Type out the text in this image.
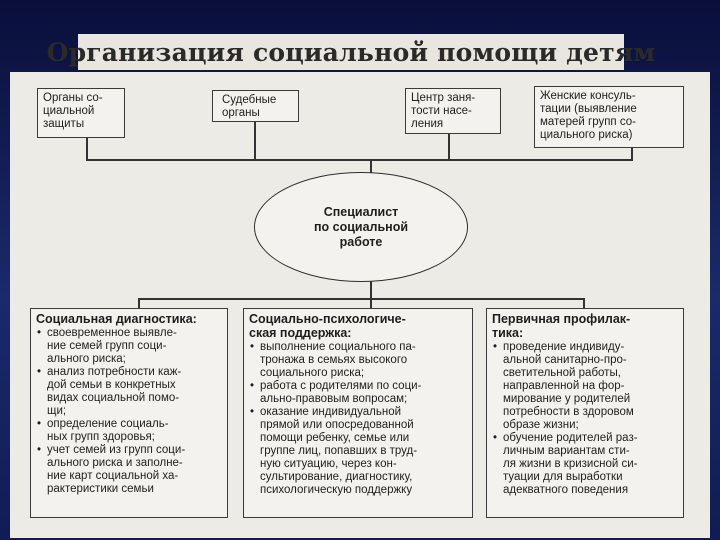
Организация социальной помощи детям
Органы со-
циальной
защиты
Судебные
органы
Центр заня-
тости насе-
ления
Женские консуль-
тации (выявление
матерей групп со-
циального риска)
Специалист
по социальной
работе
Социальная диагностика:
• своевременное выявле-
ние семей групп соци-
ального риска;
• анализ потребности каж-
дой семьи в конкретных
видах социальной помо-
щи;
• определение социаль-
ных групп здоровья;
• учет семей из групп соци-
ального риска и заполне-
ние карт социальной ха-
рактеристики семьи
Социально-психологиче-
ская поддержка:
• выполнение социального па-
тронажа в семьях высокого
социального риска;
• работа с родителями по соци-
ально-правовым вопросам;
• оказание индивидуальной
прямой или опосредованной
помощи ребенку, семье или
группе лиц, попавших в труд-
ную ситуацию, через кон-
сультирование, диагностику,
психологическую поддержку
Первичная профилак-
тика:
• проведение индивиду-
альной санитарно-про-
светительной работы,
направленной на фор-
мирование у родителей
потребности в здоровом
образе жизни;
• обучение родителей раз-
личным вариантам сти-
ля жизни в кризисной си-
туации для выработки
адекватного поведения
